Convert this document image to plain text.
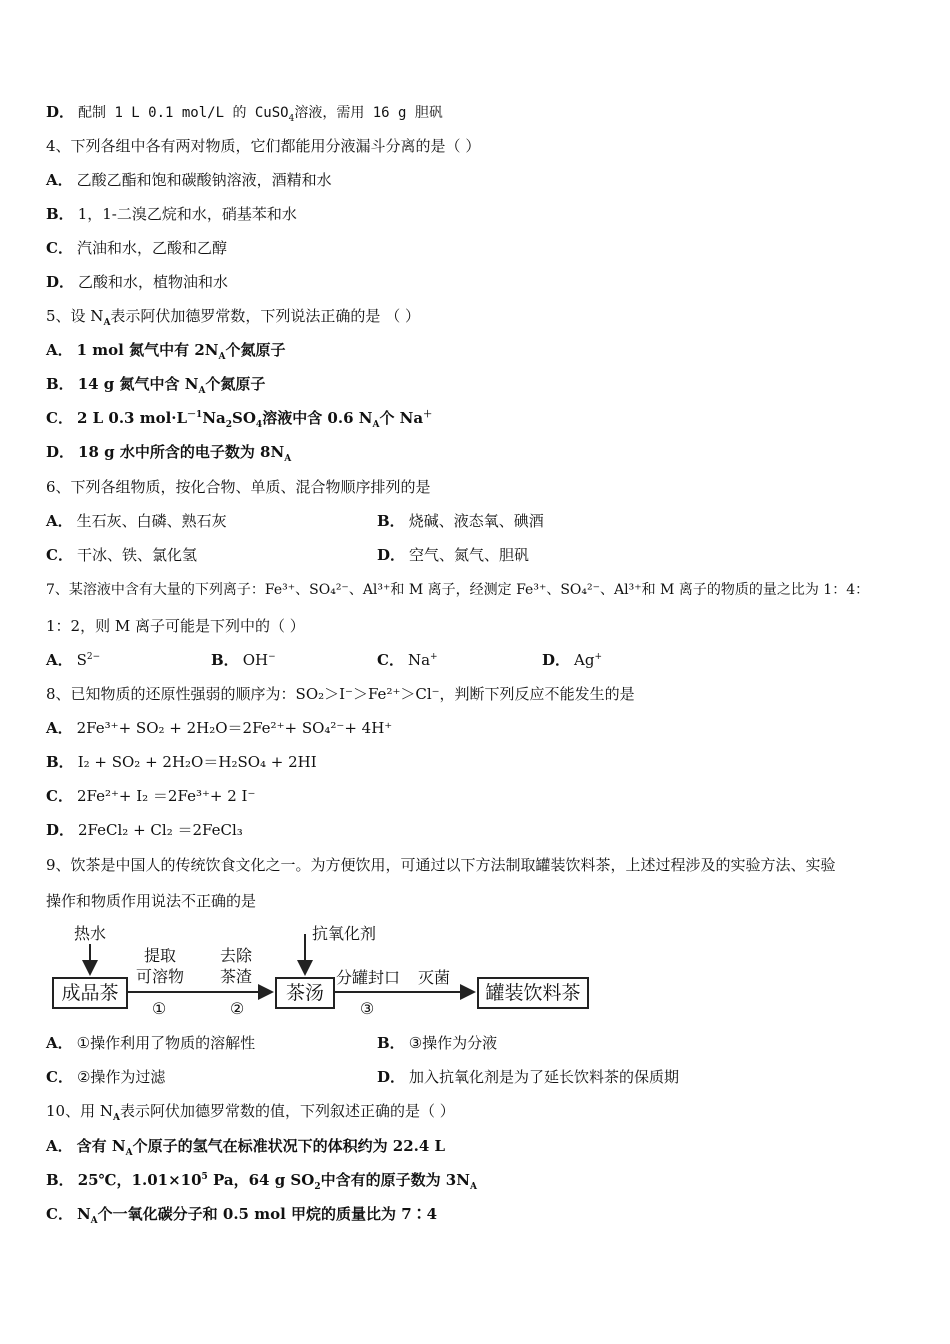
D． 配制 1 L 0.1 mol/L 的 CuSO$_4$溶液，需用 16 g 胆矾
4、下列各组中各有两对物质，它们都能用分液漏斗分离的是（ ）
A． 乙酸乙酯和饱和碳酸钠溶液，酒精和水
B． 1，1-二溴乙烷和水，硝基苯和水
C． 汽油和水，乙酸和乙醇
D． 乙酸和水，植物油和水
5、设 $N_A$表示阿伏加德罗常数，下列说法正确的是 （ ）
A． 1 mol 氮气中有 $2N_A$个氮原子
B． 14 g 氮气中含 $N_A$个氮原子
C． 2 L 0.3 $mol\cdot L^{-1}Na_2SO_4$溶液中含 0.6 $N_A$个 Na＋
D． 18 g 水中所含的电子数为 $8N_A$
6、下列各组物质，按化合物、单质、混合物顺序排列的是
A． 生石灰、白磷、熟石灰	B． 烧碱、液态氧、碘酒
C． 干冰、铁、氯化氢	D． 空气、氮气、胆矾
7、某溶液中含有大量的下列离子：Fe³⁺、SO₄²⁻、Al³⁺和 M 离子，经测定 Fe³⁺、SO₄²⁻、Al³⁺和 M 离子的物质的量之比为 1：4：
1：2，则 M 离子可能是下列中的（ ）
A． $S^{2-}$	B． OH−	C． Na+	D． Ag+
8、已知物质的还原性强弱的顺序为：SO₂＞I⁻＞Fe²⁺＞Cl⁻，判断下列反应不能发生的是
A． 2Fe³⁺+ SO₂ + 2H₂O＝2Fe²⁺+ SO₄²⁻+ 4H⁺
B． I₂ + SO₂ + 2H₂O＝H₂SO₄ + 2HI
C． 2Fe²⁺+ I₂ ＝2Fe³⁺+ 2 I⁻
D． 2FeCl₂ + Cl₂ ＝2FeCl₃
9、饮茶是中国人的传统饮食文化之一。为方便饮用，可通过以下方法制取罐装饮料茶，上述过程涉及的实验方法、实验
操作和物质作用说法不正确的是
热水
成品茶
提取
可溶物
①
去除
茶渣
②
抗氧化剂
茶汤
分罐封口
③
灭菌
罐装饮料茶
A． ①操作利用了物质的溶解性	B． ③操作为分液
C． ②操作为过滤	D． 加入抗氧化剂是为了延长饮料茶的保质期
10、用 $N_A$表示阿伏加德罗常数的值，下列叙述正确的是（ ）
A． 含有 $N_A$个原子的氢气在标准状况下的体积约为 22.4 L
B． 25℃，$1.01\times 10^5$ Pa，64 g $SO_2$中含有的原子数为 $3N_A$
C． $N_A$个一氧化碳分子和 0.5 mol 甲烷的质量比为 7∶4
